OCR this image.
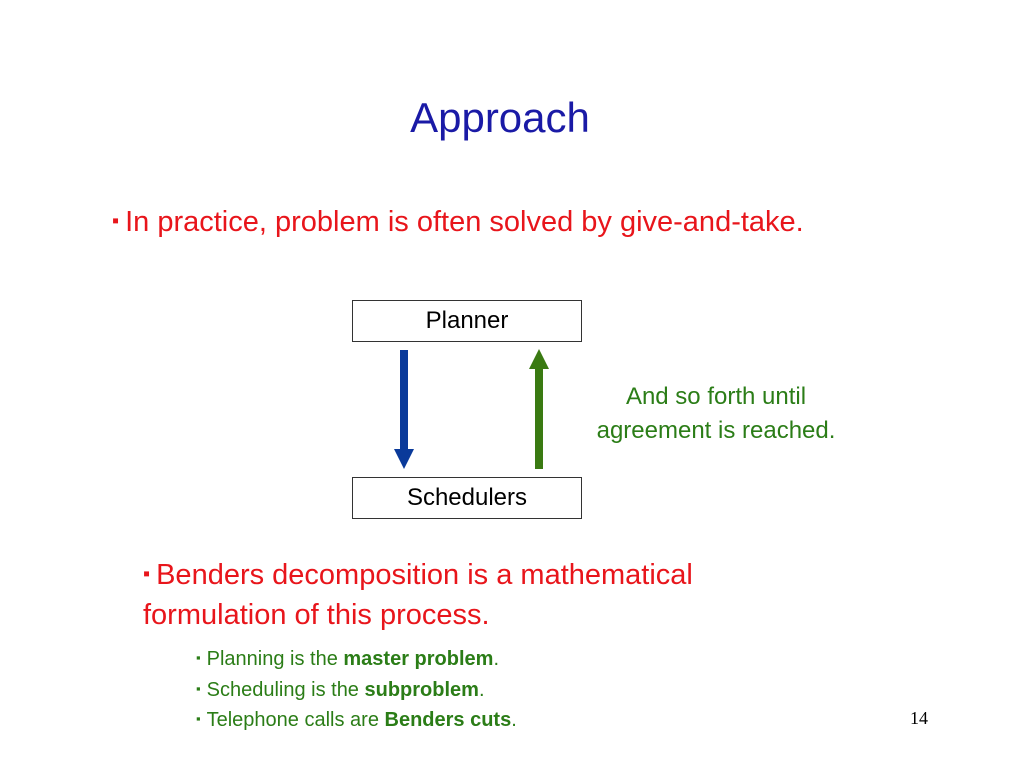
Approach
▪ In practice, problem is often solved by give-and-take.
Planner
And so forth until
agreement is reached.
Schedulers
▪ Benders decomposition is a mathematical formulation of this process.
▪ Planning is the master problem.
▪ Scheduling is the subproblem.
▪ Telephone calls are Benders cuts.	14
